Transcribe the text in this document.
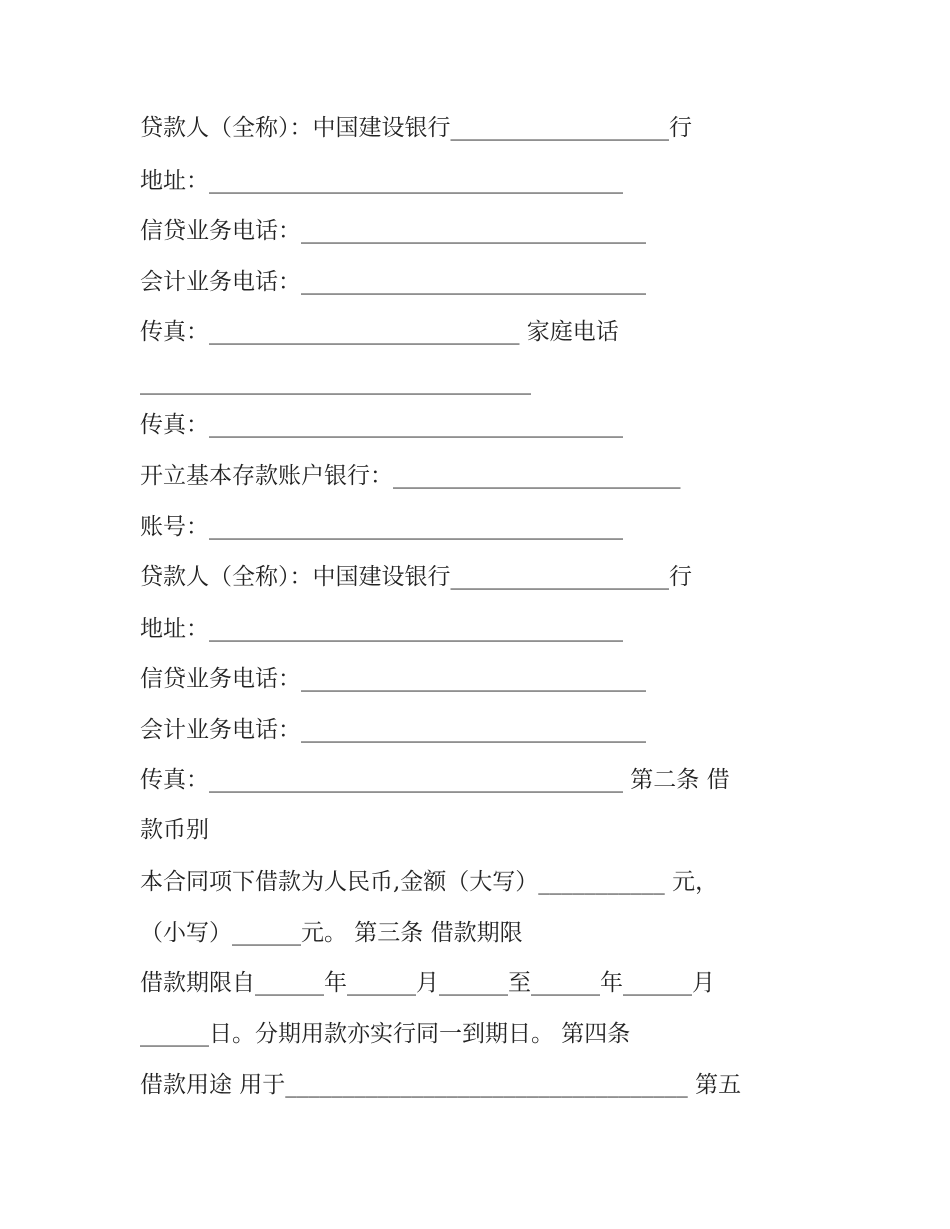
贷款人（全称）：中国建设银行___________________行
地址：____________________________________
信贷业务电话：______________________________
会计业务电话：______________________________
传真：___________________________ 家庭电话
__________________________________
传真：____________________________________
开立基本存款账户银行：_________________________
账号：____________________________________
贷款人（全称）：中国建设银行___________________行
地址：____________________________________
信贷业务电话：______________________________
会计业务电话：______________________________
传真：____________________________________ 第二条 借
款币别
本合同项下借款为人民币,金额（大写）___________ 元，
（小写）______元。 第三条 借款期限
借款期限自______年______月______至______年______月
______日。分期用款亦实行同一到期日。 第四条
借款用途 用于___________________________________ 第五
